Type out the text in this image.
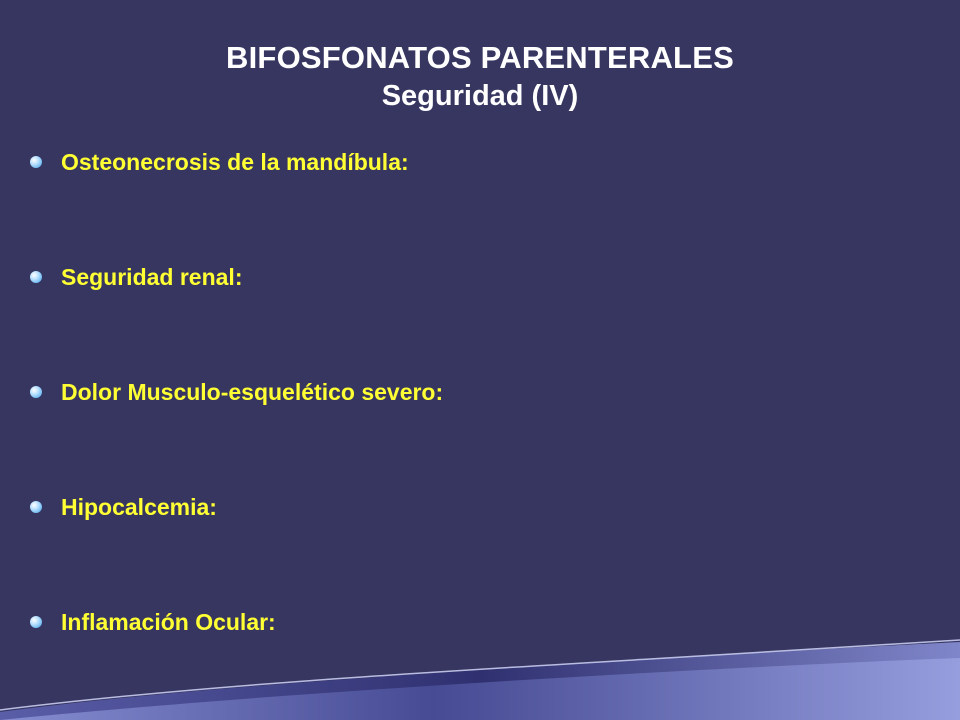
BIFOSFONATOS PARENTERALES
Seguridad (IV)
Osteonecrosis de la mandíbula:
Seguridad renal:
Dolor Musculo-esquelético severo:
Hipocalcemia:
Inflamación Ocular:
